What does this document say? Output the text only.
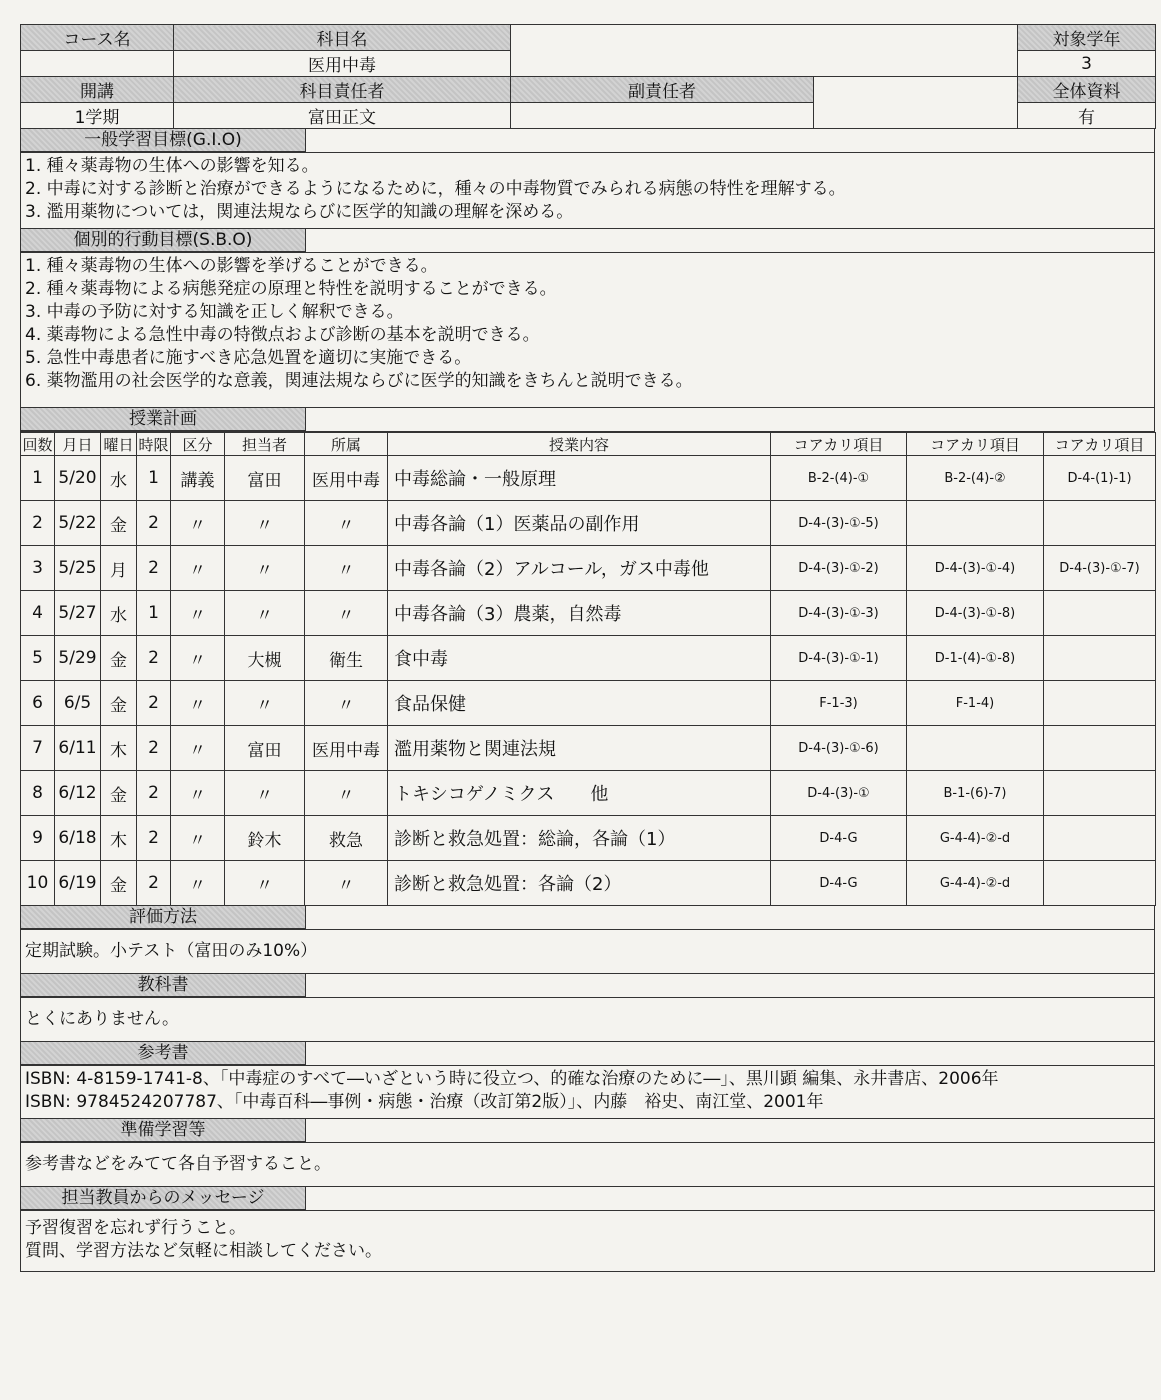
コース名	科目名			対象学年
	医用中毒			3
開講	科目責任者	副責任者		全体資料
1学期	富田正文			有
一般学習目標(G.I.O)
1. 種々薬毒物の生体への影響を知る。
2. 中毒に対する診断と治療ができるようになるために，種々の中毒物質でみられる病態の特性を理解する。
3. 濫用薬物については，関連法規ならびに医学的知識の理解を深める。
個別的行動目標(S.B.O)
1. 種々薬毒物の生体への影響を挙げることができる。
2. 種々薬毒物による病態発症の原理と特性を説明することができる。
3. 中毒の予防に対する知識を正しく解釈できる。
4. 薬毒物による急性中毒の特徴点および診断の基本を説明できる。
5. 急性中毒患者に施すべき応急処置を適切に実施できる。
6. 薬物濫用の社会医学的な意義，関連法規ならびに医学的知識をきちんと説明できる。
授業計画
回数	月日	曜日	時限	区分	担当者	所属	授業内容	コアカリ項目	コアカリ項目	コアカリ項目
1	5/20	水	1	講義	富田	医用中毒	中毒総論・一般原理	B-2-(4)-①	B-2-(4)-②	D-4-(1)-1)
2	5/22	金	2	〃	〃	〃	中毒各論（1）医薬品の副作用	D-4-(3)-①-5)		
3	5/25	月	2	〃	〃	〃	中毒各論（2）アルコール，ガス中毒他	D-4-(3)-①-2)	D-4-(3)-①-4)	D-4-(3)-①-7)
4	5/27	水	1	〃	〃	〃	中毒各論（3）農薬，自然毒	D-4-(3)-①-3)	D-4-(3)-①-8)	
5	5/29	金	2	〃	大槻	衛生	食中毒	D-4-(3)-①-1)	D-1-(4)-①-8)	
6	6/5	金	2	〃	〃	〃	食品保健	F-1-3)	F-1-4)	
7	6/11	木	2	〃	富田	医用中毒	濫用薬物と関連法規	D-4-(3)-①-6)		
8	6/12	金	2	〃	〃	〃	トキシコゲノミクス　　他	D-4-(3)-①	B-1-(6)-7)	
9	6/18	木	2	〃	鈴木	救急	診断と救急処置：総論，各論（1）	D-4-G	G-4-4)-②-d	
10	6/19	金	2	〃	〃	〃	診断と救急処置：各論（2）	D-4-G	G-4-4)-②-d	
評価方法
定期試験。小テスト（富田のみ10%）
教科書
とくにありません。
参考書
ISBN: 4-8159-1741-8、「中毒症のすべて―いざという時に役立つ、的確な治療のために―」、黒川顕 編集、永井書店、2006年
ISBN: 9784524207787、「中毒百科―事例・病態・治療（改訂第2版）」、内藤　裕史、南江堂、2001年
準備学習等
参考書などをみてて各自予習すること。
担当教員からのメッセージ
予習復習を忘れず行うこと。
質問、学習方法など気軽に相談してください。
